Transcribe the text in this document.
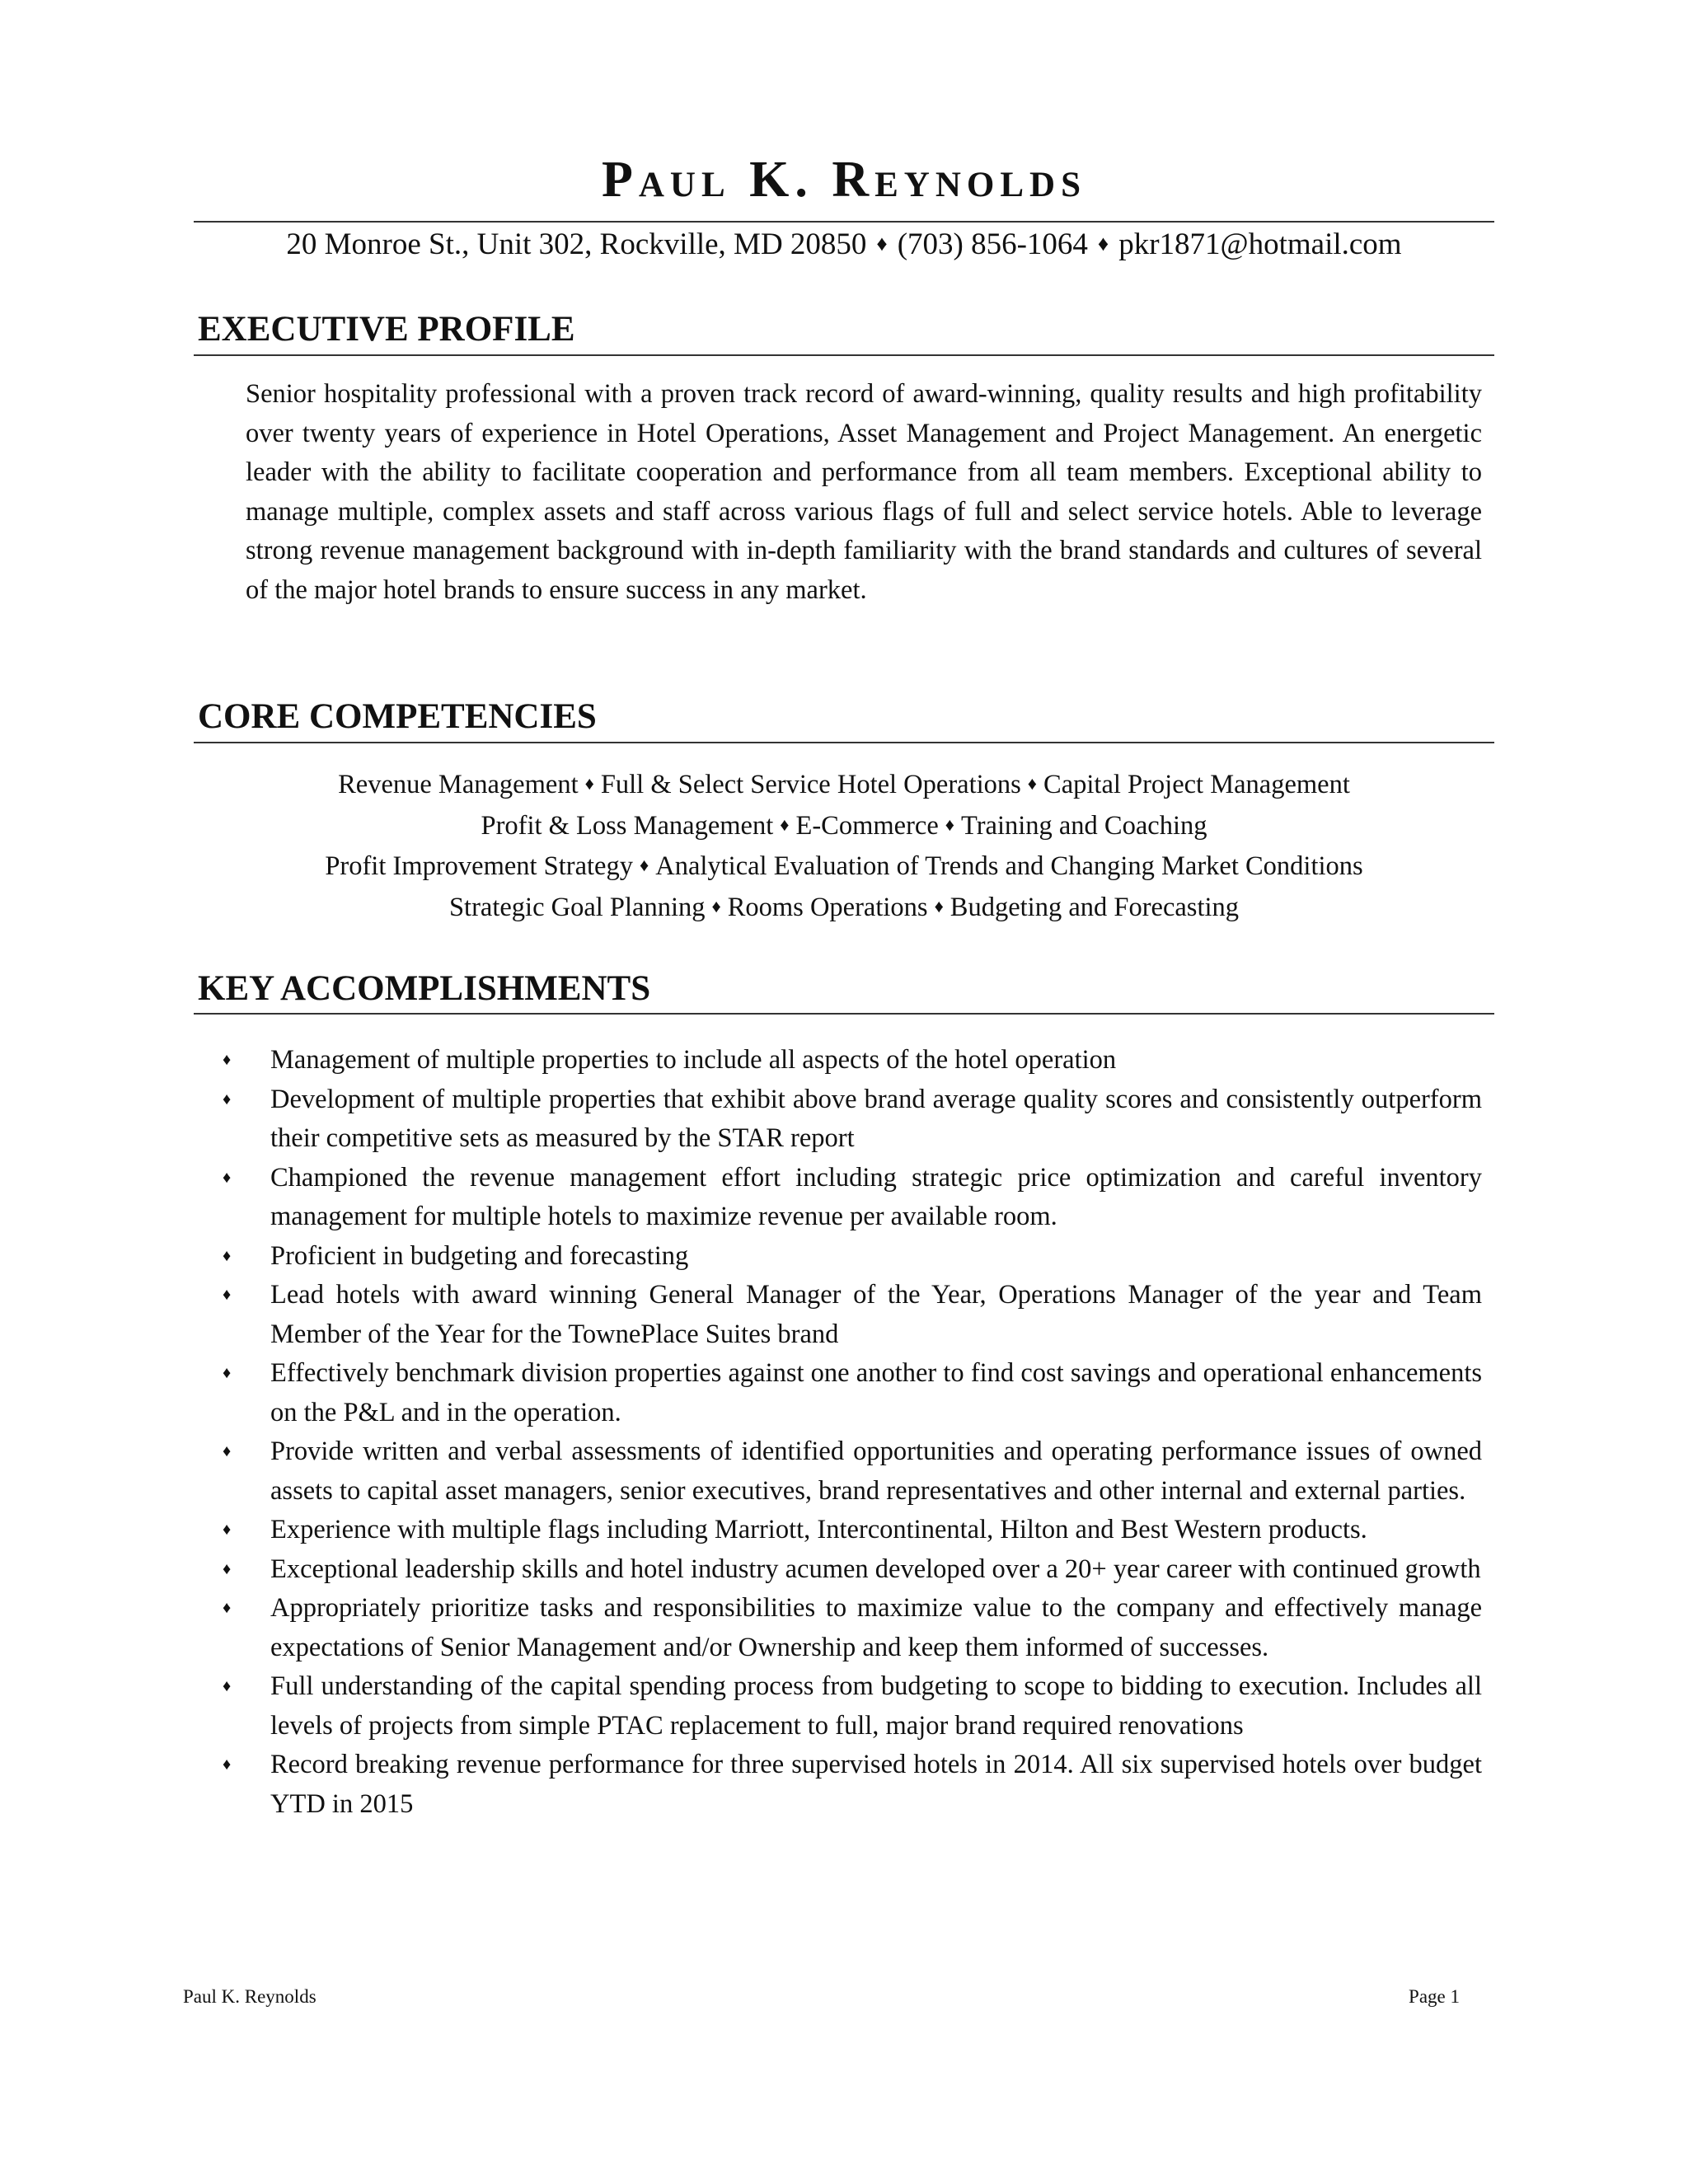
Paul K. Reynolds
20 Monroe St., Unit 302, Rockville, MD 20850 ♦ (703) 856-1064 ♦ pkr1871@hotmail.com
EXECUTIVE PROFILE
Senior hospitality professional with a proven track record of award-winning, quality results and high profitability over twenty years of experience in Hotel Operations, Asset Management and Project Management. An energetic leader with the ability to facilitate cooperation and performance from all team members. Exceptional ability to manage multiple, complex assets and staff across various flags of full and select service hotels. Able to leverage strong revenue management background with in-depth familiarity with the brand standards and cultures of several of the major hotel brands to ensure success in any market.
CORE COMPETENCIES
Revenue Management ♦ Full & Select Service Hotel Operations ♦ Capital Project Management
Profit & Loss Management ♦ E-Commerce ♦ Training and Coaching
Profit Improvement Strategy ♦ Analytical Evaluation of Trends and Changing Market Conditions
Strategic Goal Planning ♦ Rooms Operations ♦ Budgeting and Forecasting
KEY ACCOMPLISHMENTS
♦ Management of multiple properties to include all aspects of the hotel operation
♦ Development of multiple properties that exhibit above brand average quality scores and consistently outperform their competitive sets as measured by the STAR report
♦ Championed the revenue management effort including strategic price optimization and careful inventory management for multiple hotels to maximize revenue per available room.
♦ Proficient in budgeting and forecasting
♦ Lead hotels with award winning General Manager of the Year, Operations Manager of the year and Team Member of the Year for the TownePlace Suites brand
♦ Effectively benchmark division properties against one another to find cost savings and operational enhancements on the P&L and in the operation.
♦ Provide written and verbal assessments of identified opportunities and operating performance issues of owned assets to capital asset managers, senior executives, brand representatives and other internal and external parties.
♦ Experience with multiple flags including Marriott, Intercontinental, Hilton and Best Western products.
♦ Exceptional leadership skills and hotel industry acumen developed over a 20+ year career with continued growth
♦ Appropriately prioritize tasks and responsibilities to maximize value to the company and effectively manage expectations of Senior Management and/or Ownership and keep them informed of successes.
♦ Full understanding of the capital spending process from budgeting to scope to bidding to execution. Includes all levels of projects from simple PTAC replacement to full, major brand required renovations
♦ Record breaking revenue performance for three supervised hotels in 2014. All six supervised hotels over budget YTD in 2015
Paul K. Reynolds	Page 1
